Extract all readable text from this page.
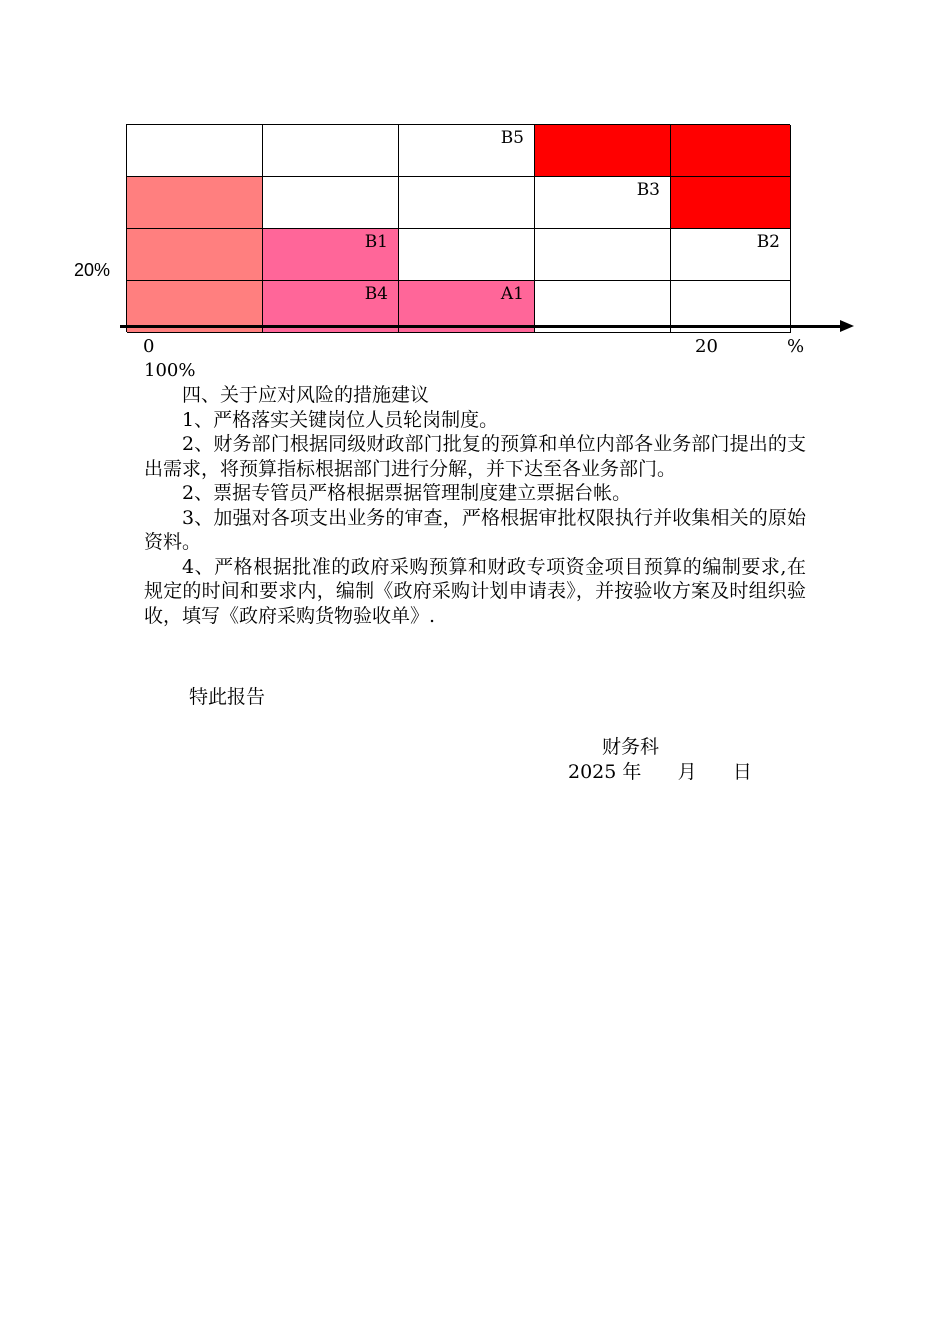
B5
B3
B1	B2
B4	A1
20%
0	20	%
100%

四、关于应对风险的措施建议

1、严格落实关键岗位人员轮岗制度。

2、财务部门根据同级财政部门批复的预算和单位内部各业务部门提出的支出需求，将预算指标根据部门进行分解，并下达至各业务部门。

2、票据专管员严格根据票据管理制度建立票据台帐。

3、加强对各项支出业务的审查，严格根据审批权限执行并收集相关的原始资料。

4、严格根据批准的政府采购预算和财政专项资金项目预算的编制要求,在规定的时间和要求内，编制《政府采购计划申请表》，并按验收方案及时组织验收，填写《政府采购货物验收单》.

特此报告
财务科
2025 年      月      日
